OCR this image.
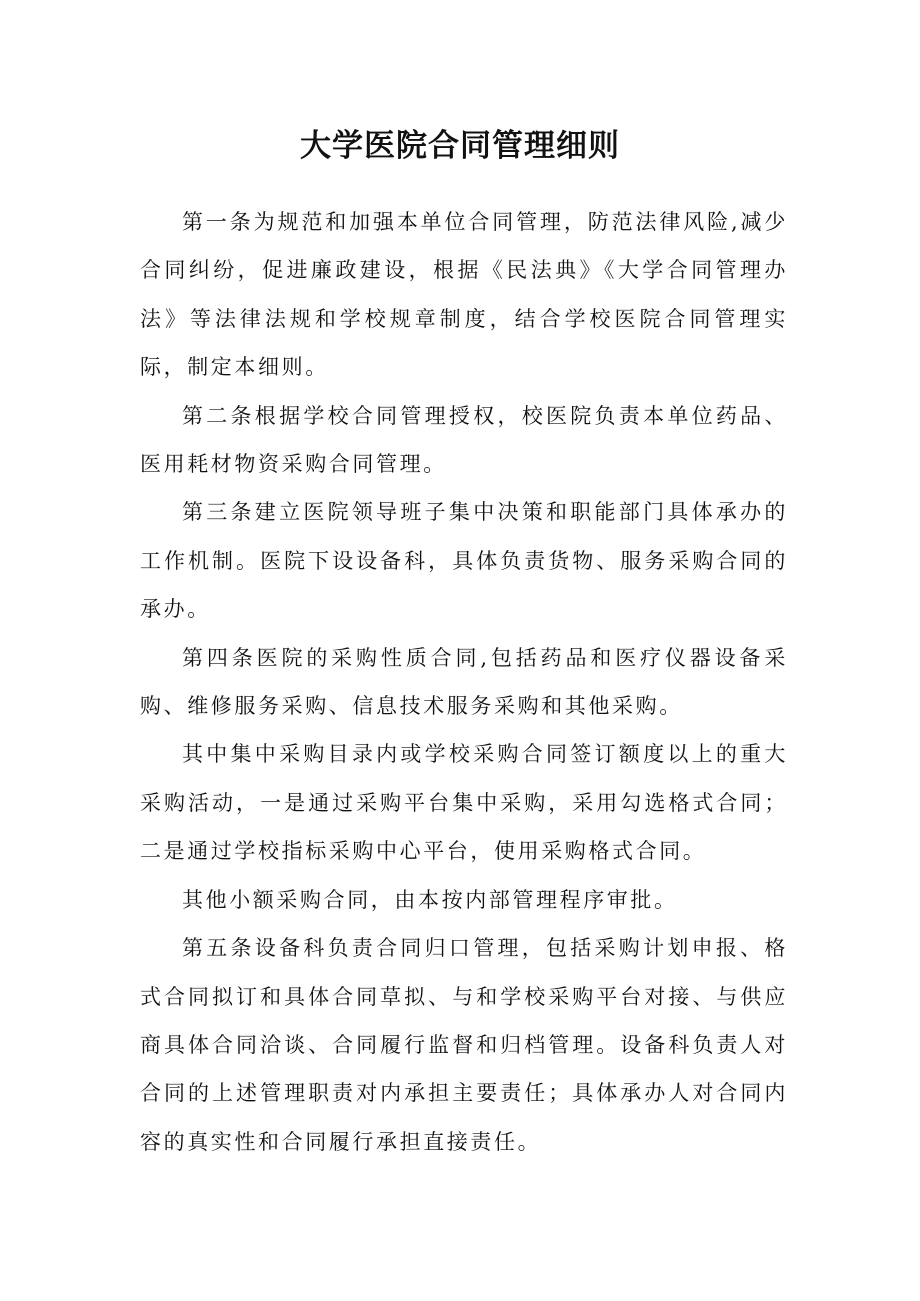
大学医院合同管理细则

第一条为规范和加强本单位合同管理，防范法律风险,减少合同纠纷，促进廉政建设，根据《民法典》《大学合同管理办法》等法律法规和学校规章制度，结合学校医院合同管理实际，制定本细则。

第二条根据学校合同管理授权，校医院负责本单位药品、医用耗材物资采购合同管理。

第三条建立医院领导班子集中决策和职能部门具体承办的工作机制。医院下设设备科，具体负责货物、服务采购合同的承办。

第四条医院的采购性质合同,包括药品和医疗仪器设备采购、维修服务采购、信息技术服务采购和其他采购。

其中集中采购目录内或学校采购合同签订额度以上的重大采购活动，一是通过采购平台集中采购，采用勾选格式合同；二是通过学校指标采购中心平台，使用采购格式合同。

其他小额采购合同，由本按内部管理程序审批。

第五条设备科负责合同归口管理，包括采购计划申报、格式合同拟订和具体合同草拟、与和学校采购平台对接、与供应商具体合同洽谈、合同履行监督和归档管理。设备科负责人对合同的上述管理职责对内承担主要责任；具体承办人对合同内容的真实性和合同履行承担直接责任。
